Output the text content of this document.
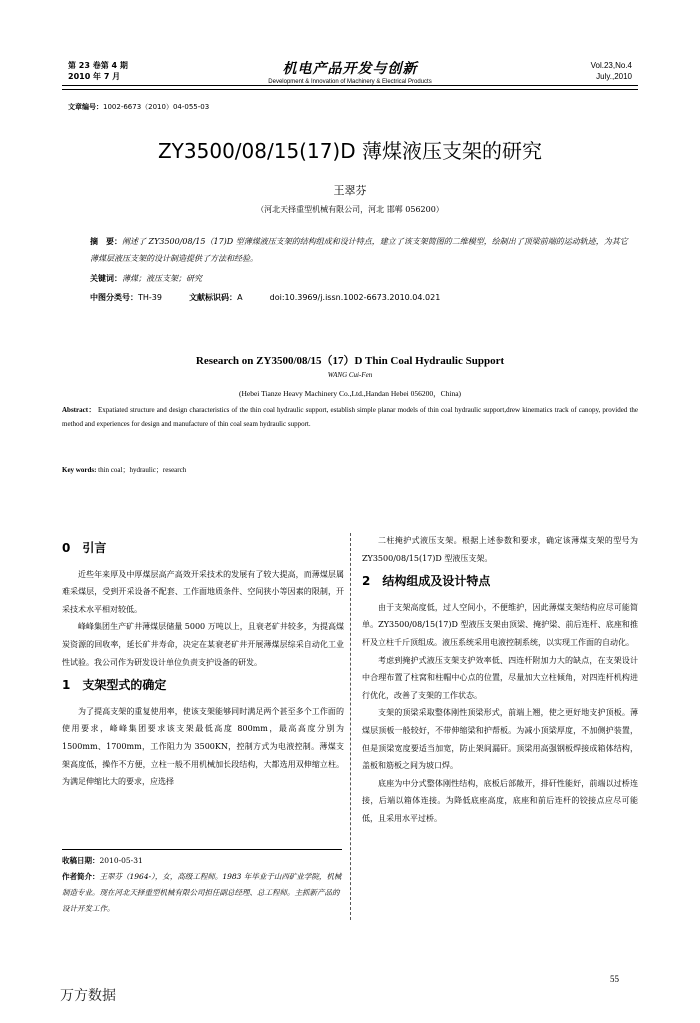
第 23 卷第 4 期
2010 年 7 月	机电产品开发与创新
Development & Innovation of Machinery & Electrical Products
Vol.23,No.4
July.,2010
文章编号：1002-6673（2010）04-055-03
ZY3500/08/15(17)D 薄煤液压支架的研究
王翠芬
（河北天择重型机械有限公司，河北 邯郸 056200）
摘　要：阐述了 ZY3500/08/15（17)D 型薄煤液压支架的结构组成和设计特点，建立了该支架简图的二维模型，绘制出了顶梁前端的运动轨迹，为其它薄煤层液压支架的设计制造提供了方法和经验。
关键词：薄煤；液压支架；研究
中图分类号：TH-39	文献标识码：A	doi:10.3969/j.issn.1002-6673.2010.04.021
Research on ZY3500/08/15（17）D Thin Coal Hydraulic Support
WANG Cui-Fen
(Hebei Tianze Heavy Machinery Co.,Ltd.,Handan Hebei 056200，China)
Abstract： Expatiated structure and design characteristics of the thin coal hydraulic support, establish simple planar models of thin coal hydraulic support,drew kinematics track of canopy, provided the method and experiences for design and manufacture of thin coal seam hydraulic support.
Key words: thin coal；hydraulic；research
0　引言
近些年来厚及中厚煤层高产高效开采技术的发展有了较大提高，而薄煤层属难采煤层，受到开采设备不配套、工作面地质条件、空间狭小等因素的限制，开采技术水平相对较低。
峰峰集团生产矿井薄煤层储量 5000 万吨以上，且衰老矿井较多，为提高煤炭资源的回收率，延长矿井寿命，决定在某衰老矿井开展薄煤层综采自动化工业性试验。我公司作为研发设计单位负责支护设备的研发。
1　支架型式的确定
为了提高支架的重复使用率，使该支架能够同时满足两个甚至多个工作面的使用要求，峰峰集团要求该支架最低高度 800mm，最高高度分别为 1500mm、1700mm，工作阻力为 3500KN，控制方式为电液控制。薄煤支架高度低，操作不方便，立柱一般不用机械加长段结构，大都选用双伸缩立柱。为满足伸缩比大的要求，应选择
收稿日期：2010-05-31
作者简介：王翠芬（1964-），女，高级工程师。1983 年毕业于山西矿业学院，机械制造专业。现在河北天择重型机械有限公司担任副总经理、总工程师。主抓新产品的设计开发工作。
二柱掩护式液压支架。根据上述参数和要求，确定该薄煤支架的型号为 ZY3500/08/15(17)D 型液压支架。
2　结构组成及设计特点
由于支架高度低，过人空间小，不便维护，因此薄煤支架结构应尽可能简单。ZY3500/08/15(17)D 型液压支架由顶梁、掩护梁、前后连杆、底座和推杆及立柱千斤顶组成。液压系统采用电液控制系统，以实现工作面的自动化。
考虑到掩护式液压支架支护效率低、四连杆附加力大的缺点，在支架设计中合理布置了柱窝和柱帽中心点的位置，尽量加大立柱倾角，对四连杆机构进行优化，改善了支架的工作状态。
支架的顶梁采取整体刚性顶梁形式，前端上翘，使之更好地支护顶板。薄煤层顶板一般较好，不带伸缩梁和护帮板。为减小顶梁厚度，不加侧护装置，但是顶梁宽度要适当加宽，防止架间漏矸。顶梁用高强钢板焊接成箱体结构，盖板和筋板之间为坡口焊。
底座为中分式整体刚性结构，底板后部敞开，排矸性能好，前端以过桥连接，后端以箱体连接。为降低底座高度，底座和前后连杆的铰接点应尽可能低，且采用水平过桥。
55
万方数据
